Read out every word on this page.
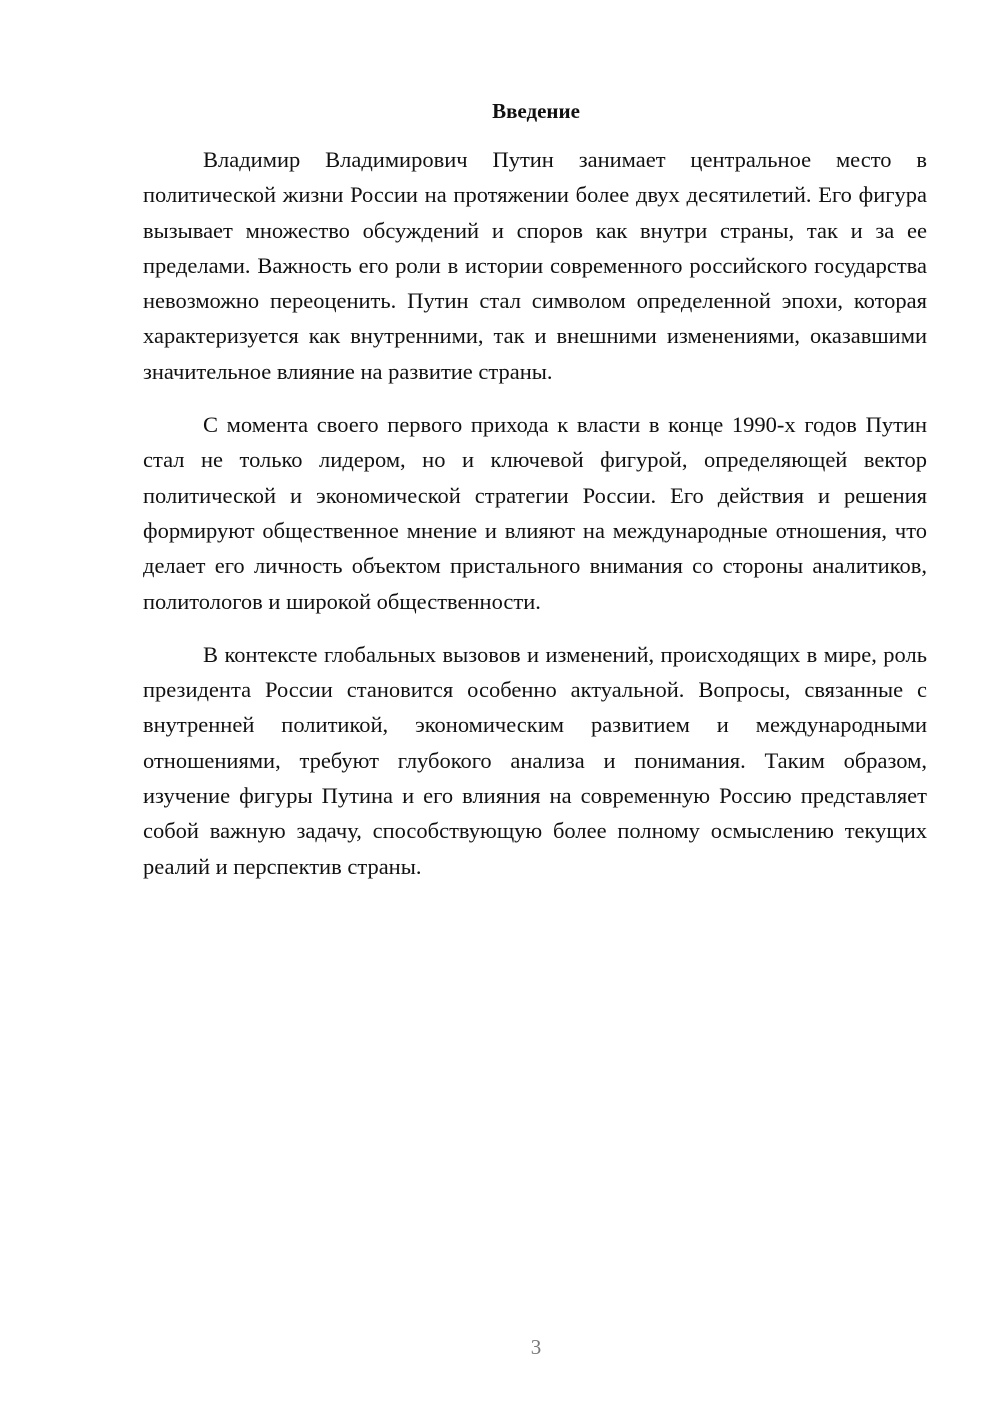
Введение

Владимир Владимирович Путин занимает центральное место в политической жизни России на протяжении более двух десятилетий. Его фигура вызывает множество обсуждений и споров как внутри страны, так и за ее пределами. Важность его роли в истории современного российского государства невозможно переоценить. Путин стал символом определенной эпохи, которая характеризуется как внутренними, так и внешними изменениями, оказавшими значительное влияние на развитие страны.

С момента своего первого прихода к власти в конце 1990-х годов Путин стал не только лидером, но и ключевой фигурой, определяющей вектор политической и экономической стратегии России. Его действия и решения формируют общественное мнение и влияют на международные отношения, что делает его личность объектом пристального внимания со стороны аналитиков, политологов и широкой общественности.

В контексте глобальных вызовов и изменений, происходящих в мире, роль президента России становится особенно актуальной. Вопросы, связанные с внутренней политикой, экономическим развитием и международными отношениями, требуют глубокого анализа и понимания. Таким образом, изучение фигуры Путина и его влияния на современную Россию представляет собой важную задачу, способствующую более полному осмыслению текущих реалий и перспектив страны.

3
